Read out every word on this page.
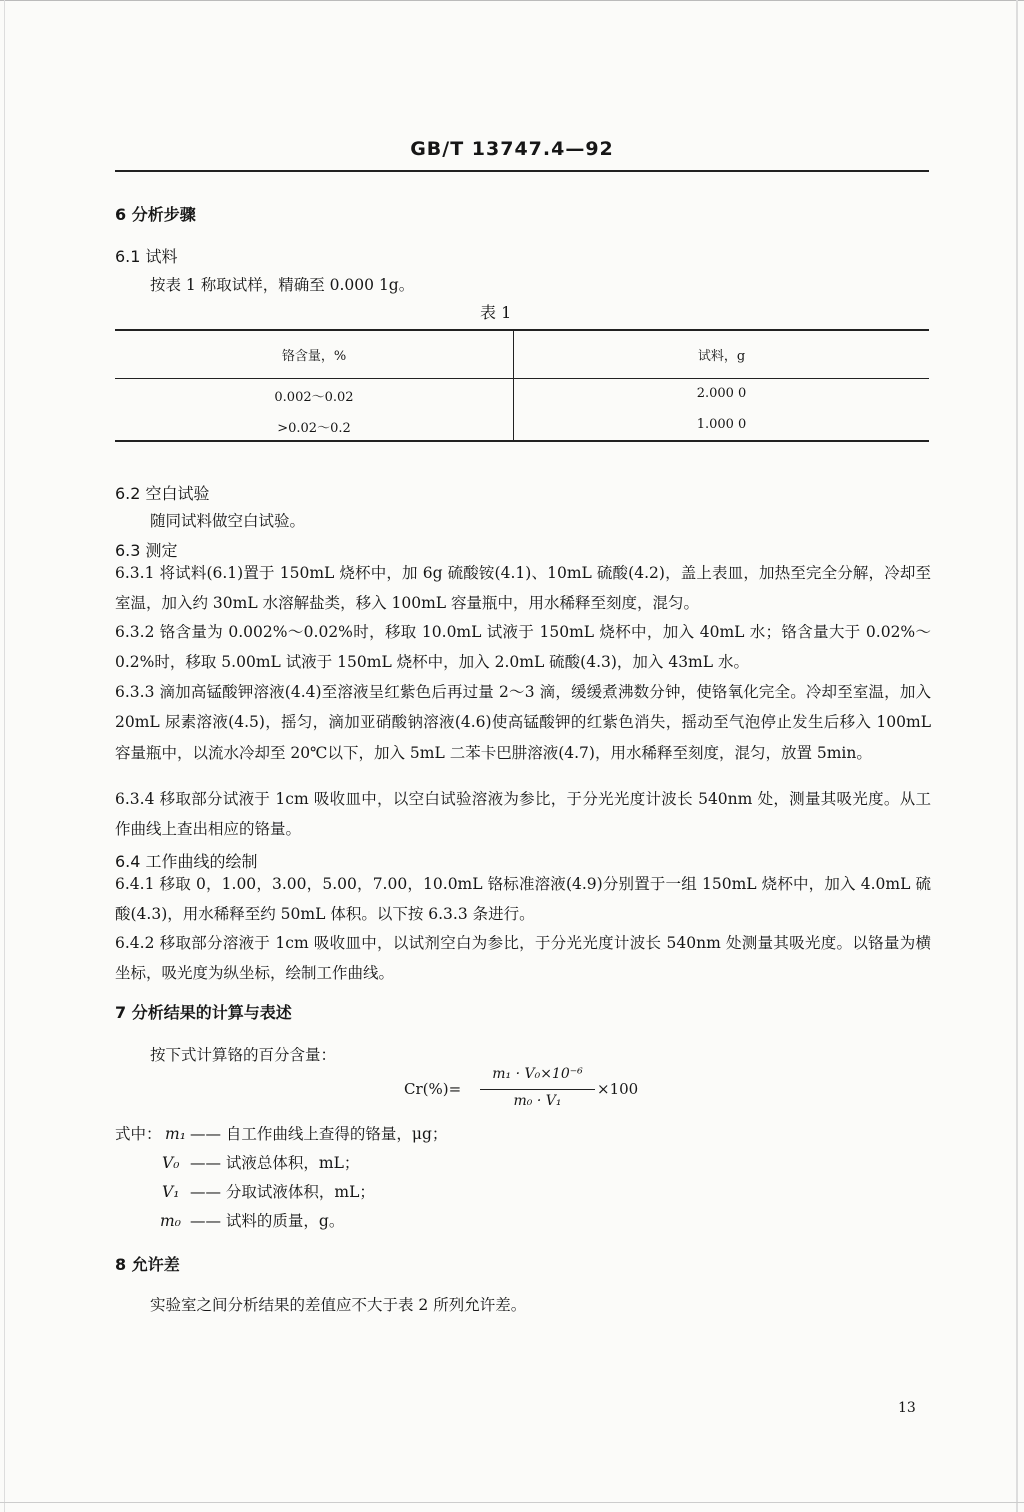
GB/T 13747.4—92
6 分析步骤
6.1 试料
按表 1 称取试样，精确至 0.000 1g。
表 1
铬含量，%	试料，g
0.002～0.02	2.000 0
>0.02～0.2	1.000 0
6.2 空白试验
随同试料做空白试验。
6.3 测定
6.3.1 将试料(6.1)置于 150mL 烧杯中，加 6g 硫酸铵(4.1)、10mL 硫酸(4.2)，盖上表皿，加热至完全分解，冷却至室温，加入约 30mL 水溶解盐类，移入 100mL 容量瓶中，用水稀释至刻度，混匀。
6.3.2 铬含量为 0.002%～0.02%时，移取 10.0mL 试液于 150mL 烧杯中，加入 40mL 水；铬含量大于 0.02%～0.2%时，移取 5.00mL 试液于 150mL 烧杯中，加入 2.0mL 硫酸(4.3)，加入 43mL 水。
6.3.3 滴加高锰酸钾溶液(4.4)至溶液呈红紫色后再过量 2～3 滴，缓缓煮沸数分钟，使铬氧化完全。冷却至室温，加入 20mL 尿素溶液(4.5)，摇匀，滴加亚硝酸钠溶液(4.6)使高锰酸钾的红紫色消失，摇动至气泡停止发生后移入 100mL 容量瓶中，以流水冷却至 20℃以下，加入 5mL 二苯卡巴肼溶液(4.7)，用水稀释至刻度，混匀，放置 5min。
6.3.4 移取部分试液于 1cm 吸收皿中，以空白试验溶液为参比，于分光光度计波长 540nm 处，测量其吸光度。从工作曲线上查出相应的铬量。
6.4 工作曲线的绘制
6.4.1 移取 0，1.00，3.00，5.00，7.00，10.0mL 铬标准溶液(4.9)分别置于一组 150mL 烧杯中，加入 4.0mL 硫酸(4.3)，用水稀释至约 50mL 体积。以下按 6.3.3 条进行。
6.4.2 移取部分溶液于 1cm 吸收皿中，以试剂空白为参比，于分光光度计波长 540nm 处测量其吸光度。以铬量为横坐标，吸光度为纵坐标，绘制工作曲线。
7 分析结果的计算与表述
按下式计算铬的百分含量：
Cr(%)=
m₁ · V₀×10⁻⁶
m₀ · V₁
×100
式中： m₁ —— 自工作曲线上查得的铬量，μg；
V₀ —— 试液总体积，mL；
V₁ —— 分取试液体积，mL；
m₀ —— 试料的质量，g。
8 允许差
实验室之间分析结果的差值应不大于表 2 所列允许差。
13
